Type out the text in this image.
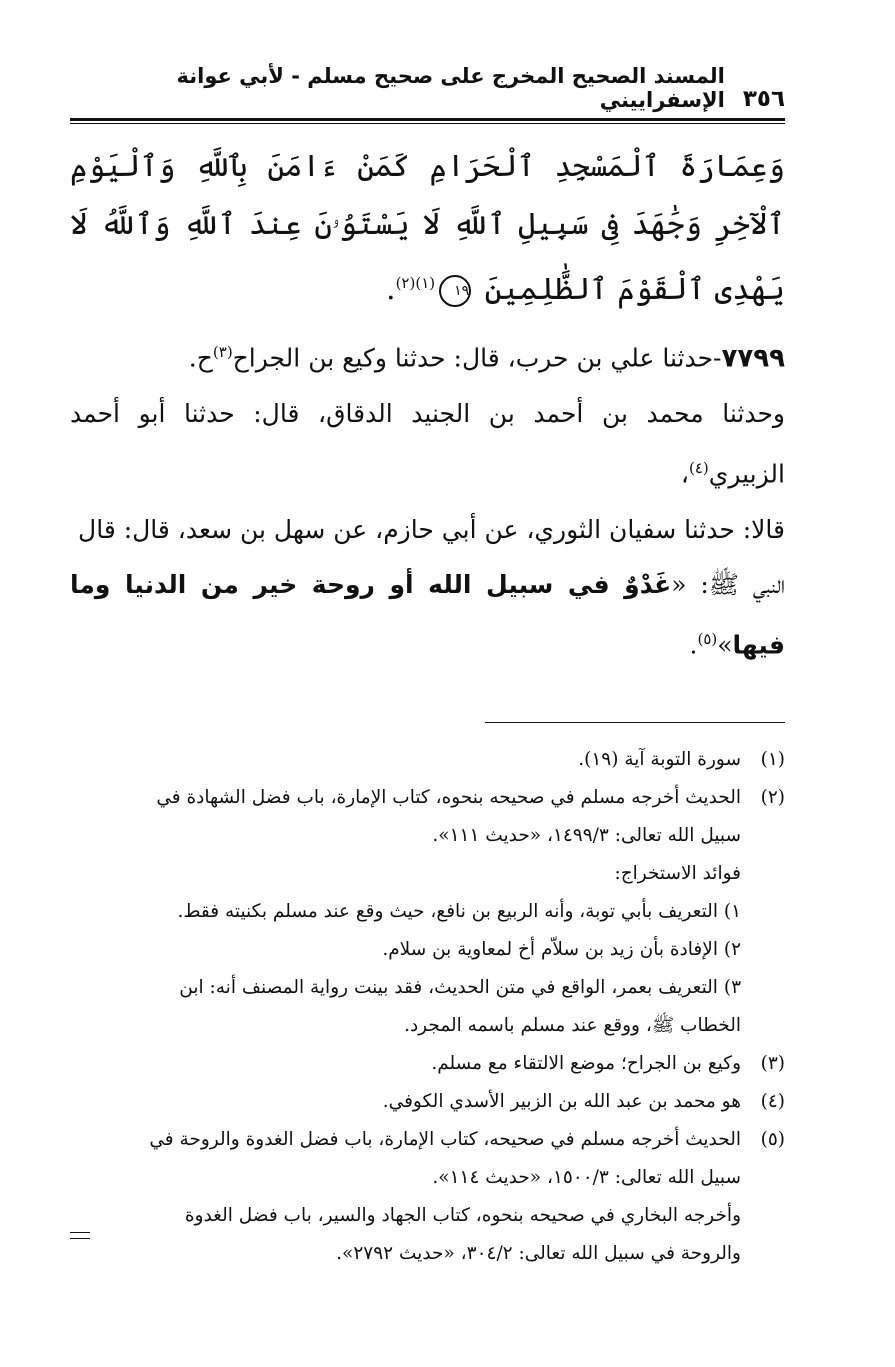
٣٥٦
المسند الصحيح المخرج على صحيح مسلم - لأبي عوانة الإسفراييني
وَعِمَارَةَ ٱلْمَسْجِدِ ٱلْحَرَامِ كَمَنْ ءَامَنَ بِٱللَّهِ وَٱلْيَوْمِ ٱلْآخِرِ وَجَٰهَدَ فِى سَبِيلِ ٱللَّهِ لَا يَسْتَوُۥنَ عِندَ ٱللَّهِ وَٱللَّهُ لَا يَهْدِى ٱلْقَوْمَ ٱلظَّٰلِمِينَ $١٩^{(١)(٢)}$.

٧٧٩٩-حدثنا علي بن حرب، قال: حدثنا وكيع بن الجراح$^{(٣)}$ح.

وحدثنا محمد بن أحمد بن الجنيد الدقاق، قال: حدثنا أبو أحمد الزبيري$^{(٤)}$،

قالا: حدثنا سفيان الثوري، عن أبي حازم، عن سهل بن سعد، قال: قال

النبي ﷺ: «غَدْوٌ في سبيل الله أو روحة خير من الدنيا وما فيها»$^{(٥)}$.

(١)

سورة التوبة آية (١٩).

(٢)

الحديث أخرجه مسلم في صحيحه بنحوه، كتاب الإمارة، باب فضل الشهادة في

سبيل الله تعالى: ١٤٩٩/٣، «حديث ١١١».

فوائد الاستخراج:

١) التعريف بأبي توبة، وأنه الربيع بن نافع، حيث وقع عند مسلم بكنيته فقط.

٢) الإفادة بأن زيد بن سلاّم أخ لمعاوية بن سلام.

٣) التعريف بعمر، الواقع في متن الحديث، فقد بينت رواية المصنف أنه: ابن

الخطاب ﷺ، ووقع عند مسلم باسمه المجرد.

(٣)

وكيع بن الجراح؛ موضع الالتقاء مع مسلم.

(٤)

هو محمد بن عبد الله بن الزبير الأسدي الكوفي.

(٥)

الحديث أخرجه مسلم في صحيحه، كتاب الإمارة، باب فضل الغدوة والروحة في

سبيل الله تعالى: ١٥٠٠/٣، «حديث ١١٤».

وأخرجه البخاري في صحيحه بنحوه، كتاب الجهاد والسير، باب فضل الغدوة

والروحة في سبيل الله تعالى: ٣٠٤/٢، «حديث ٢٧٩٢».
